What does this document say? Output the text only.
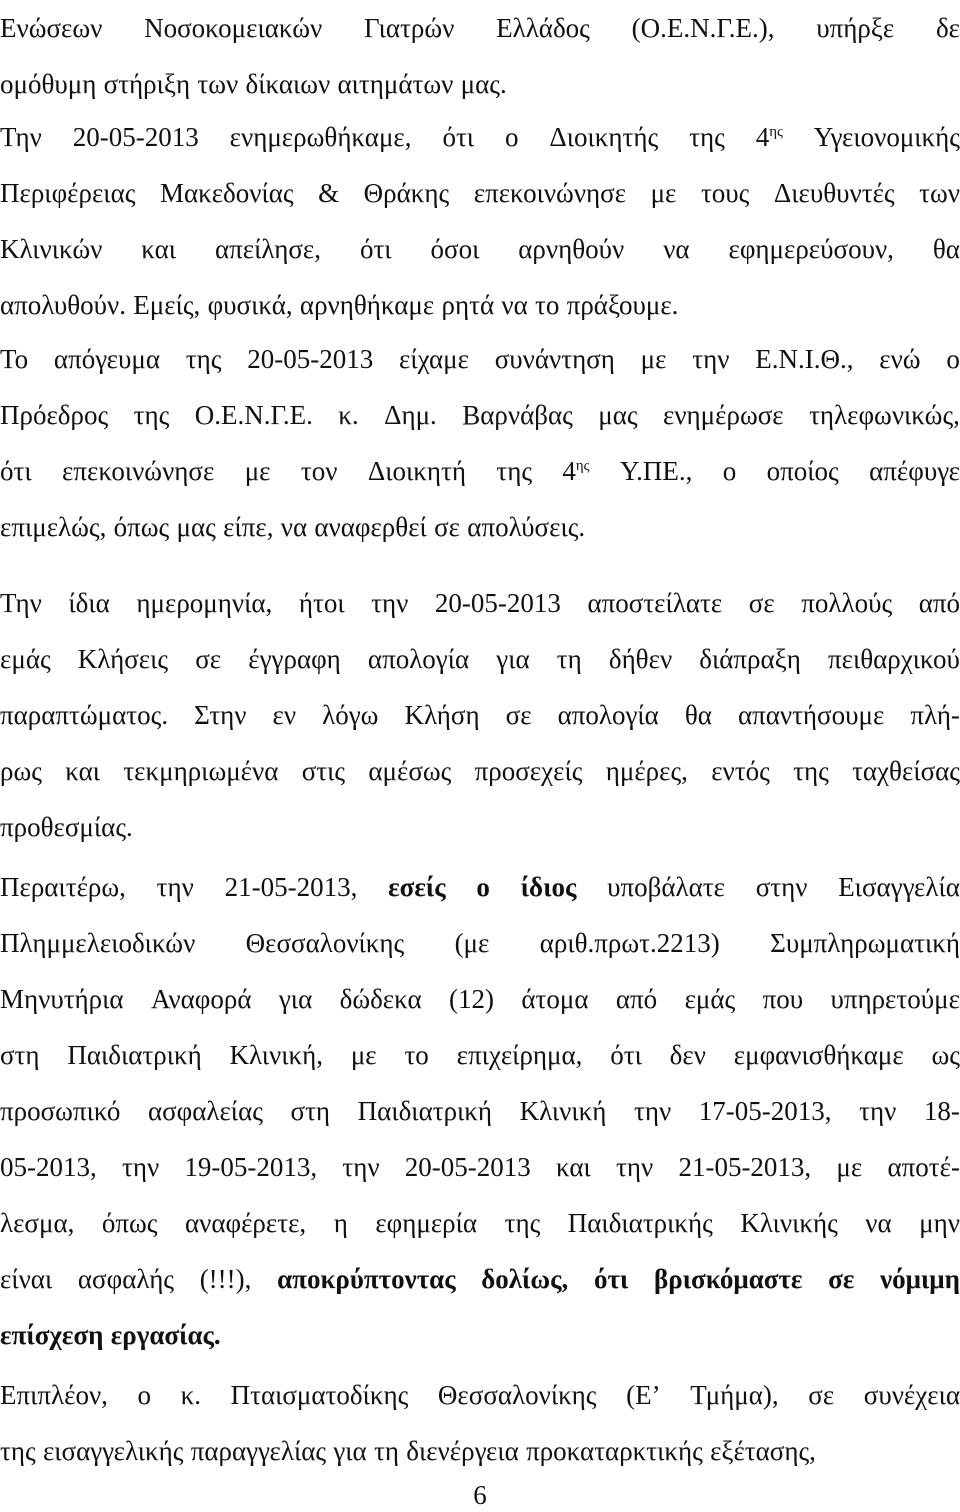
Ενώσεων Νοσοκομειακών Γιατρών Ελλάδος (Ο.Ε.Ν.Γ.Ε.), υπήρξε δε
ομόθυμη στήριξη των δίκαιων αιτημάτων μας.
Την 20-05-2013 ενημερωθήκαμε, ότι ο Διοικητής της $4^{\eta\varsigma}$ Υγειονομικής
Περιφέρειας Μακεδονίας & Θράκης επεκοινώνησε με τους Διευθυντές των
Κλινικών και απείλησε, ότι όσοι αρνηθούν να εφημερεύσουν, θα
απολυθούν. Εμείς, φυσικά, αρνηθήκαμε ρητά να το πράξουμε.
Το απόγευμα της 20-05-2013 είχαμε συνάντηση με την Ε.Ν.Ι.Θ., ενώ ο
Πρόεδρος της Ο.Ε.Ν.Γ.Ε. κ. Δημ. Βαρνάβας μας ενημέρωσε τηλεφωνικώς,
ότι επεκοινώνησε με τον Διοικητή της $4^{\eta\varsigma}$ Υ.ΠΕ., ο οποίος απέφυγε
επιμελώς, όπως μας είπε, να αναφερθεί σε απολύσεις.
Την ίδια ημερομηνία, ήτοι την 20-05-2013 αποστείλατε σε πολλούς από
εμάς Κλήσεις σε έγγραφη απολογία για τη δήθεν διάπραξη πειθαρχικού
παραπτώματος. Στην εν λόγω Κλήση σε απολογία θα απαντήσουμε πλή-
ρως και τεκμηριωμένα στις αμέσως προσεχείς ημέρες, εντός της ταχθείσας
προθεσμίας.
Περαιτέρω, την 21-05-2013, εσείς ο ίδιος υποβάλατε στην Εισαγγελία
Πλημμελειοδικών Θεσσαλονίκης (με αριθ.πρωτ.2213) Συμπληρωματική
Μηνυτήρια Αναφορά για δώδεκα (12) άτομα από εμάς που υπηρετούμε
στη Παιδιατρική Κλινική, με το επιχείρημα, ότι δεν εμφανισθήκαμε ως
προσωπικό ασφαλείας στη Παιδιατρική Κλινική την 17-05-2013, την 18-
05-2013, την 19-05-2013, την 20-05-2013 και την 21-05-2013, με αποτέ-
λεσμα, όπως αναφέρετε, η εφημερία της Παιδιατρικής Κλινικής να μην
είναι ασφαλής (!!!), αποκρύπτοντας δολίως, ότι βρισκόμαστε σε νόμιμη
επίσχεση εργασίας.
Επιπλέον, ο κ. Πταισματοδίκης Θεσσαλονίκης (Ε’ Τμήμα), σε συνέχεια
της εισαγγελικής παραγγελίας για τη διενέργεια προκαταρκτικής εξέτασης,
6
